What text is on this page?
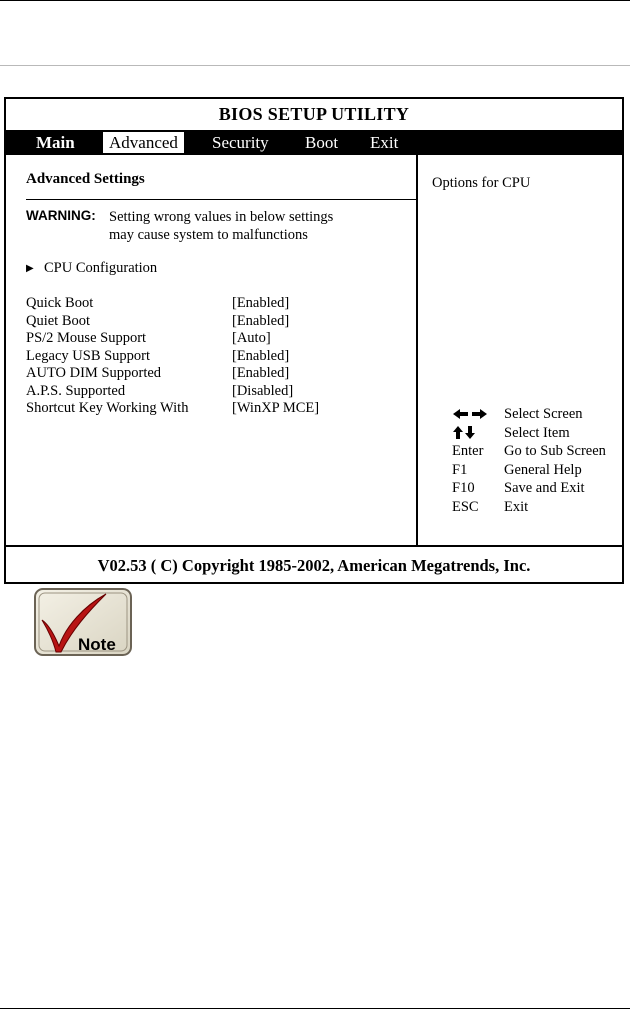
BIOS SETUP UTILITY
Main	Advanced	Security Boot Exit
Advanced Settings
WARNING: Setting wrong values in below settings
may cause system to malfunctions
▶ CPU Configuration
Quick Boot	[Enabled]
Quiet Boot	[Enabled]
PS/2 Mouse Support	[Auto]
Legacy USB Support	[Enabled]
AUTO DIM Supported	[Enabled]
A.P.S. Supported	[Disabled]
Shortcut Key Working With	[WinXP MCE]
Options for CPU
Select Screen
Select Item
Enter	Go to Sub Screen
F1	General Help
F10	Save and Exit
ESC	Exit
V02.53 ( C) Copyright 1985-2002, American Megatrends, Inc.
Note
